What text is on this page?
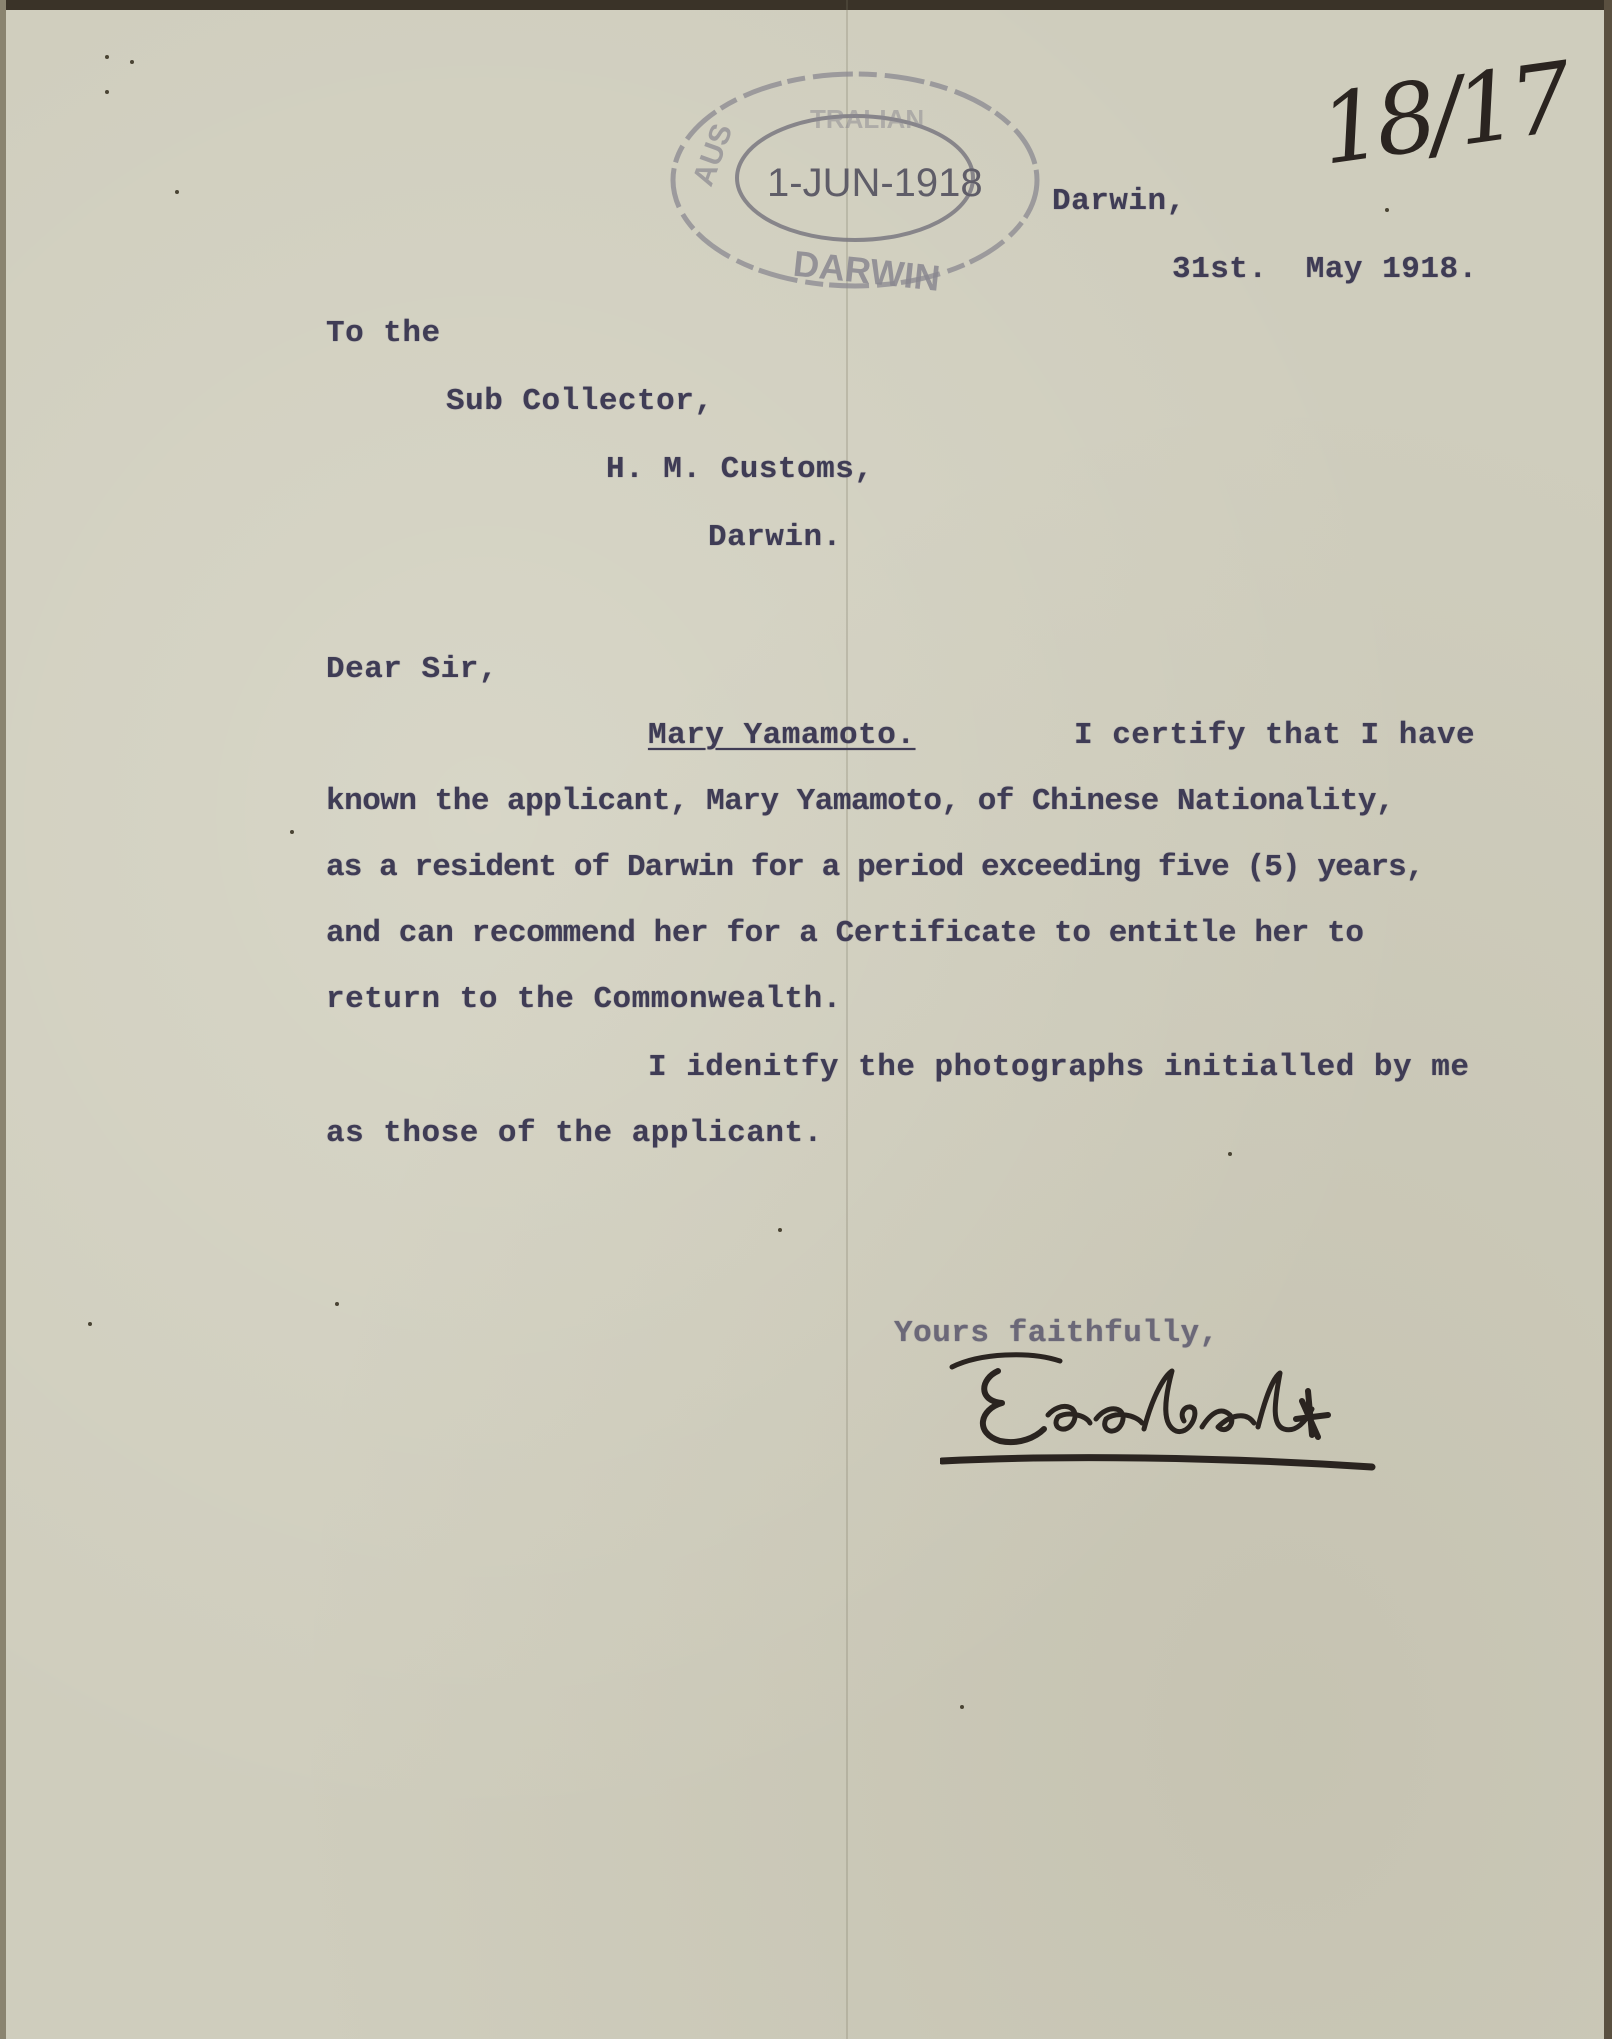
18/17
AUS
TRALIAN
1-JUN-1918
DARWIN
Darwin,
31st.  May 1918.
To the
Sub Collector,
H. M. Customs,
Darwin.
Dear Sir,
Mary Yamamoto.	I certify that I have
known the applicant, Mary Yamamoto, of Chinese Nationality,
as a resident of Darwin for a period exceeding five (5) years,
and can recommend her for a Certificate to entitle her to
return to the Commonwealth.
I idenitfy the photographs initialled by me
as those of the applicant.
Yours faithfully,
